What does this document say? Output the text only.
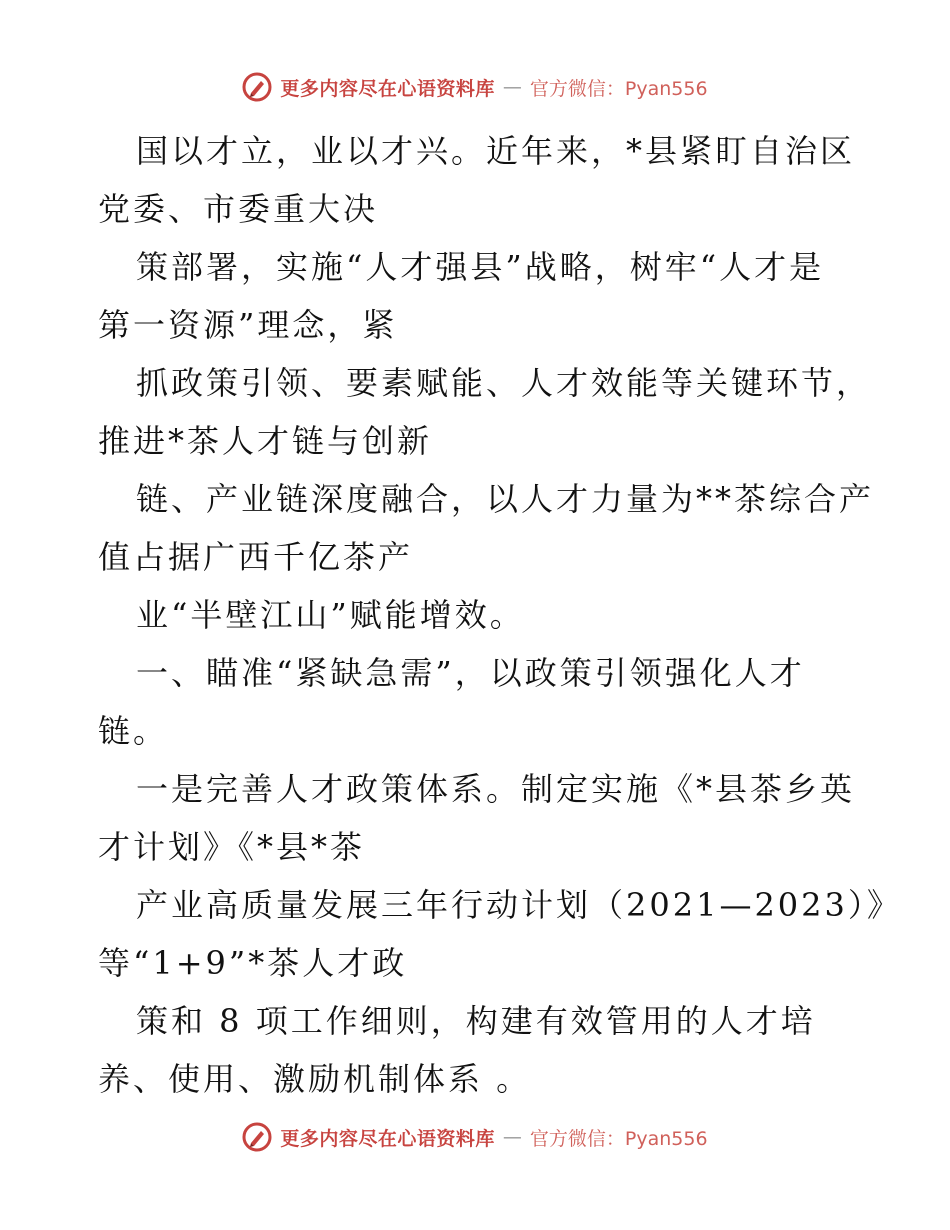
更多内容尽在心语资料库 — 官方微信：Pyan556
国以才立，业以才兴。近年来，*县紧盯自治区
党委、市委重大决
策部署，实施“人才强县”战略，树牢“人才是
第一资源”理念，紧
抓政策引领、要素赋能、人才效能等关键环节，
推进*茶人才链与创新
链、产业链深度融合，以人才力量为**茶综合产
值占据广西千亿茶产
业“半壁江山”赋能增效。
一、瞄准“紧缺急需”，以政策引领强化人才
链。
一是完善人才政策体系。制定实施《*县茶乡英
才计划》《*县*茶
产业高质量发展三年行动计划（2021—2023）》
等“1+9”*茶人才政
策和 8 项工作细则，构建有效管用的人才培
养、使用、激励机制体系 。
更多内容尽在心语资料库 — 官方微信：Pyan556
